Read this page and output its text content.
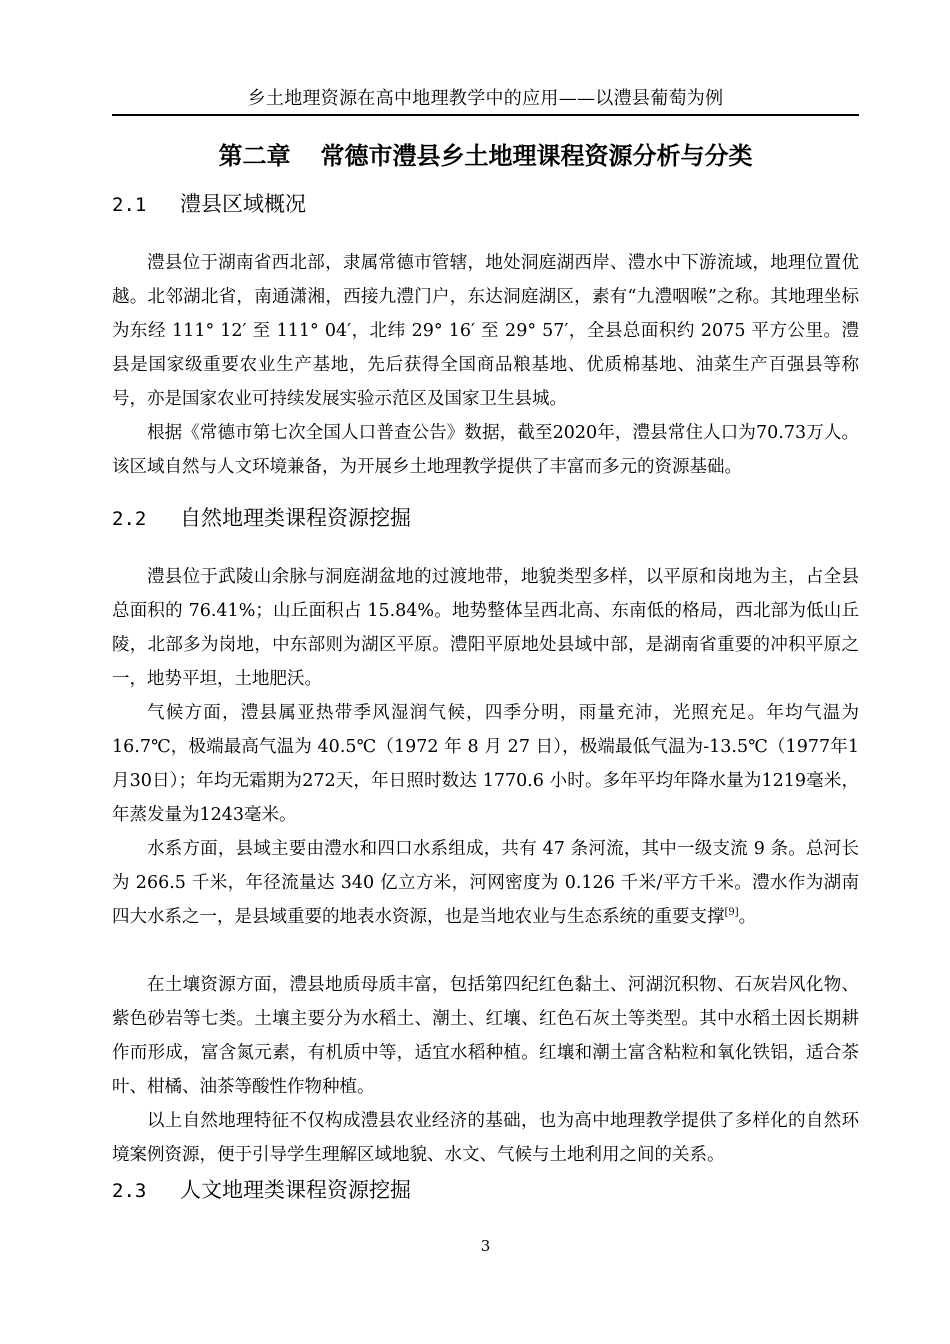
乡土地理资源在高中地理教学中的应用——以澧县葡萄为例
第二章 常德市澧县乡土地理课程资源分析与分类
2.1 澧县区域概况

澧县位于湖南省西北部，隶属常德市管辖，地处洞庭湖西岸、澧水中下游流域，地理位置优越。北邻湖北省，南通潇湘，西接九澧门户，东达洞庭湖区，素有“九澧咽喉”之称。其地理坐标为东经 111° 12′ 至 111° 04′，北纬 29° 16′ 至 29° 57′，全县总面积约 2075 平方公里。澧县是国家级重要农业生产基地，先后获得全国商品粮基地、优质棉基地、油菜生产百强县等称号，亦是国家农业可持续发展实验示范区及国家卫生县城。

根据《常德市第七次全国人口普查公告》数据，截至2020年，澧县常住人口为70.73万人。该区域自然与人文环境兼备，为开展乡土地理教学提供了丰富而多元的资源基础。

2.2 自然地理类课程资源挖掘

澧县位于武陵山余脉与洞庭湖盆地的过渡地带，地貌类型多样，以平原和岗地为主，占全县总面积的 76.41%；山丘面积占 15.84%。地势整体呈西北高、东南低的格局，西北部为低山丘陵，北部多为岗地，中东部则为湖区平原。澧阳平原地处县域中部，是湖南省重要的冲积平原之一，地势平坦，土地肥沃。

气候方面，澧县属亚热带季风湿润气候，四季分明，雨量充沛，光照充足。年均气温为 16.7℃，极端最高气温为 40.5℃（1972 年 8 月 27 日），极端最低气温为-13.5℃（1977年1月30日）；年均无霜期为272天，年日照时数达 1770.6 小时。多年平均年降水量为1219毫米，年蒸发量为1243毫米。

水系方面，县域主要由澧水和四口水系组成，共有 47 条河流，其中一级支流 9 条。总河长为 266.5 千米，年径流量达 340 亿立方米，河网密度为 0.126 千米/平方千米。澧水作为湖南四大水系之一，是县域重要的地表水资源，也是当地农业与生态系统的重要支撑[9]。

在土壤资源方面，澧县地质母质丰富，包括第四纪红色黏土、河湖沉积物、石灰岩风化物、紫色砂岩等七类。土壤主要分为水稻土、潮土、红壤、红色石灰土等类型。其中水稻土因长期耕作而形成，富含氮元素，有机质中等，适宜水稻种植。红壤和潮土富含粘粒和氧化铁铝，适合茶叶、柑橘、油茶等酸性作物种植。

以上自然地理特征不仅构成澧县农业经济的基础，也为高中地理教学提供了多样化的自然环境案例资源，便于引导学生理解区域地貌、水文、气候与土地利用之间的关系。

2.3 人文地理类课程资源挖掘
3
